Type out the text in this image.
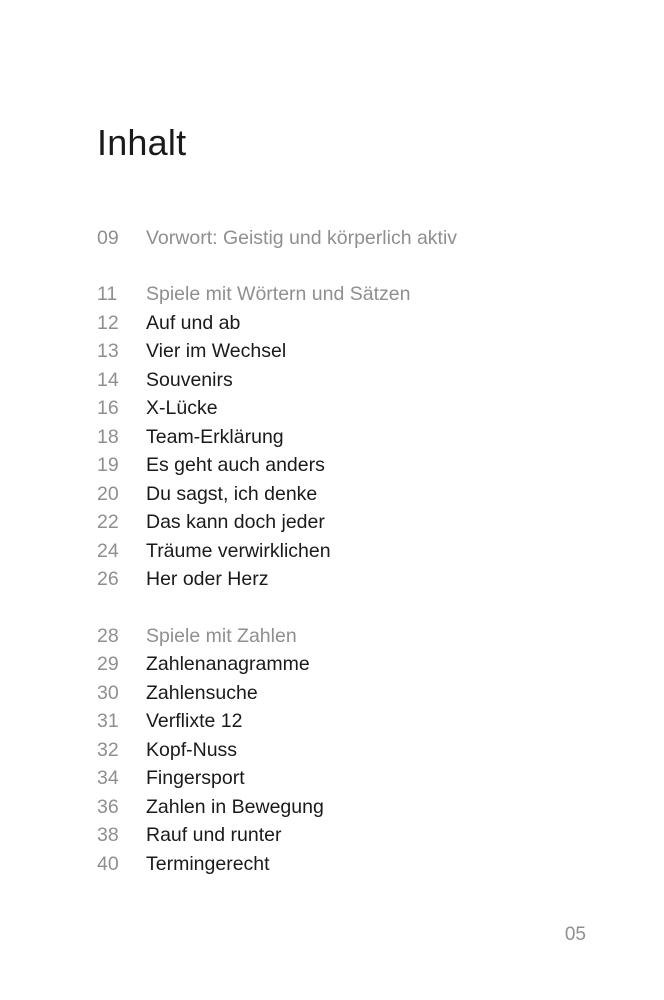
Inhalt
09	Vorwort: Geistig und körperlich aktiv
11	Spiele mit Wörtern und Sätzen
12	Auf und ab
13	Vier im Wechsel
14	Souvenirs
16	X-Lücke
18	Team-Erklärung
19	Es geht auch anders
20	Du sagst, ich denke
22	Das kann doch jeder
24	Träume verwirklichen
26	Her oder Herz
28	Spiele mit Zahlen
29	Zahlenanagramme
30	Zahlensuche
31	Verflixte 12
32	Kopf-Nuss
34	Fingersport
36	Zahlen in Bewegung
38	Rauf und runter
40	Termingerecht
05
